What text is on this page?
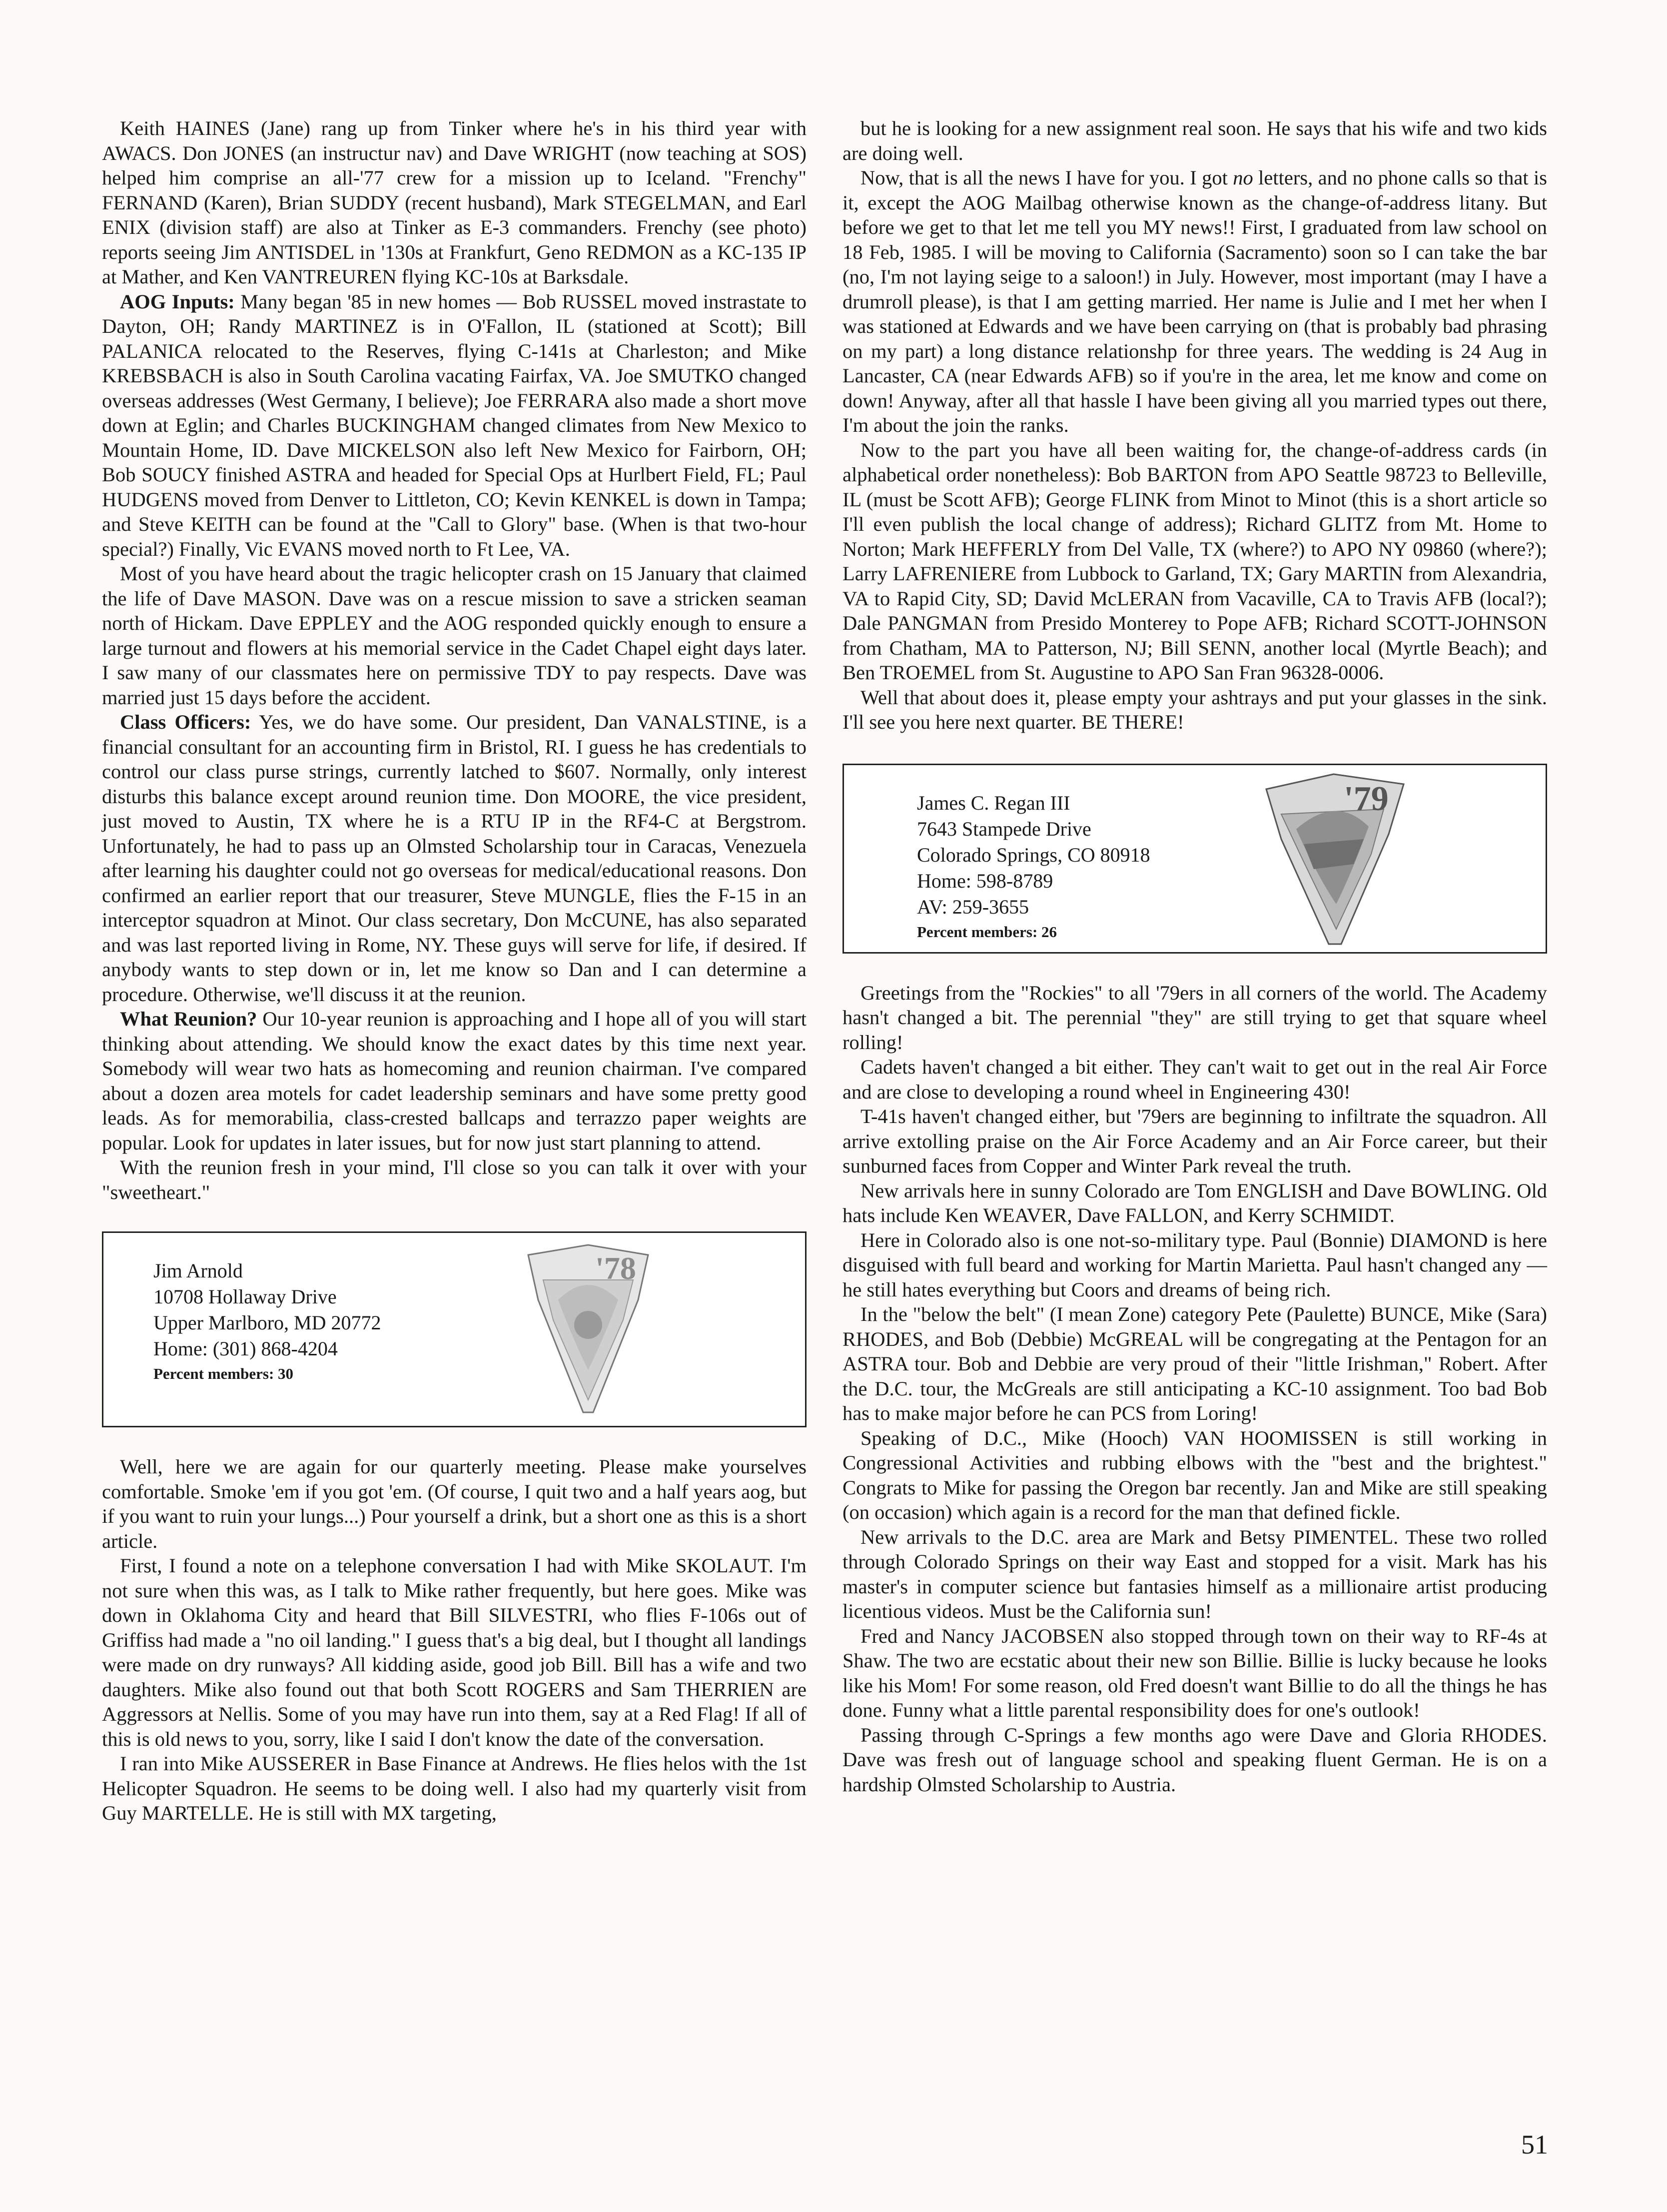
Keith HAINES (Jane) rang up from Tinker where he's in his third year with AWACS. Don JONES (an instructur nav) and Dave WRIGHT (now teaching at SOS) helped him comprise an all-'77 crew for a mission up to Iceland. "Frenchy" FERNAND (Karen), Brian SUDDY (recent husband), Mark STEGELMAN, and Earl ENIX (division staff) are also at Tinker as E-3 commanders. Frenchy (see photo) reports seeing Jim ANTISDEL in '130s at Frankfurt, Geno REDMON as a KC-135 IP at Mather, and Ken VANTREUREN flying KC-10s at Barksdale.

AOG Inputs: Many began '85 in new homes — Bob RUSSEL moved instrastate to Dayton, OH; Randy MARTINEZ is in O'Fallon, IL (stationed at Scott); Bill PALANICA relocated to the Reserves, flying C-141s at Charleston; and Mike KREBSBACH is also in South Carolina vacating Fairfax, VA. Joe SMUTKO changed overseas addresses (West Germany, I believe); Joe FERRARA also made a short move down at Eglin; and Charles BUCKINGHAM changed climates from New Mexico to Mountain Home, ID. Dave MICKELSON also left New Mexico for Fairborn, OH; Bob SOUCY finished ASTRA and headed for Special Ops at Hurlbert Field, FL; Paul HUDGENS moved from Denver to Littleton, CO; Kevin KENKEL is down in Tampa; and Steve KEITH can be found at the "Call to Glory" base. (When is that two-hour special?) Finally, Vic EVANS moved north to Ft Lee, VA.

Most of you have heard about the tragic helicopter crash on 15 January that claimed the life of Dave MASON. Dave was on a rescue mission to save a stricken seaman north of Hickam. Dave EPPLEY and the AOG responded quickly enough to ensure a large turnout and flowers at his memorial service in the Cadet Chapel eight days later. I saw many of our classmates here on permissive TDY to pay respects. Dave was married just 15 days before the accident.

Class Officers: Yes, we do have some. Our president, Dan VANALSTINE, is a financial consultant for an accounting firm in Bristol, RI. I guess he has credentials to control our class purse strings, currently latched to $607. Normally, only interest disturbs this balance except around reunion time. Don MOORE, the vice president, just moved to Austin, TX where he is a RTU IP in the RF4-C at Bergstrom. Unfortunately, he had to pass up an Olmsted Scholarship tour in Caracas, Venezuela after learning his daughter could not go overseas for medical/educational reasons. Don confirmed an earlier report that our treasurer, Steve MUNGLE, flies the F-15 in an interceptor squadron at Minot. Our class secretary, Don McCUNE, has also separated and was last reported living in Rome, NY. These guys will serve for life, if desired. If anybody wants to step down or in, let me know so Dan and I can determine a procedure. Otherwise, we'll discuss it at the reunion.

What Reunion? Our 10-year reunion is approaching and I hope all of you will start thinking about attending. We should know the exact dates by this time next year. Somebody will wear two hats as homecoming and reunion chairman. I've compared about a dozen area motels for cadet leadership seminars and have some pretty good leads. As for memorabilia, class-crested ballcaps and terrazzo paper weights are popular. Look for updates in later issues, but for now just start planning to attend.

With the reunion fresh in your mind, I'll close so you can talk it over with your "sweetheart."

Jim Arnold
10708 Hollaway Drive
Upper Marlboro, MD 20772
Home: (301) 868-4204
Percent members: 30
'78

Well, here we are again for our quarterly meeting. Please make yourselves comfortable. Smoke 'em if you got 'em. (Of course, I quit two and a half years aog, but if you want to ruin your lungs...) Pour yourself a drink, but a short one as this is a short article.

First, I found a note on a telephone conversation I had with Mike SKOLAUT. I'm not sure when this was, as I talk to Mike rather frequently, but here goes. Mike was down in Oklahoma City and heard that Bill SILVESTRI, who flies F-106s out of Griffiss had made a "no oil landing." I guess that's a big deal, but I thought all landings were made on dry runways? All kidding aside, good job Bill. Bill has a wife and two daughters. Mike also found out that both Scott ROGERS and Sam THERRIEN are Aggressors at Nellis. Some of you may have run into them, say at a Red Flag! If all of this is old news to you, sorry, like I said I don't know the date of the conversation.

I ran into Mike AUSSERER in Base Finance at Andrews. He flies helos with the 1st Helicopter Squadron. He seems to be doing well. I also had my quarterly visit from Guy MARTELLE. He is still with MX targeting,

but he is looking for a new assignment real soon. He says that his wife and two kids are doing well.

Now, that is all the news I have for you. I got no letters, and no phone calls so that is it, except the AOG Mailbag otherwise known as the change-of-address litany. But before we get to that let me tell you MY news!! First, I graduated from law school on 18 Feb, 1985. I will be moving to California (Sacramento) soon so I can take the bar (no, I'm not laying seige to a saloon!) in July. However, most important (may I have a drumroll please), is that I am getting married. Her name is Julie and I met her when I was stationed at Edwards and we have been carrying on (that is probably bad phrasing on my part) a long distance relationshp for three years. The wedding is 24 Aug in Lancaster, CA (near Edwards AFB) so if you're in the area, let me know and come on down! Anyway, after all that hassle I have been giving all you married types out there, I'm about the join the ranks.

Now to the part you have all been waiting for, the change-of-address cards (in alphabetical order nonetheless): Bob BARTON from APO Seattle 98723 to Belleville, IL (must be Scott AFB); George FLINK from Minot to Minot (this is a short article so I'll even publish the local change of address); Richard GLITZ from Mt. Home to Norton; Mark HEFFERLY from Del Valle, TX (where?) to APO NY 09860 (where?); Larry LAFRENIERE from Lubbock to Garland, TX; Gary MARTIN from Alexandria, VA to Rapid City, SD; David McLERAN from Vacaville, CA to Travis AFB (local?); Dale PANGMAN from Presido Monterey to Pope AFB; Richard SCOTT-JOHNSON from Chatham, MA to Patterson, NJ; Bill SENN, another local (Myrtle Beach); and Ben TROEMEL from St. Augustine to APO San Fran 96328-0006.

Well that about does it, please empty your ashtrays and put your glasses in the sink. I'll see you here next quarter. BE THERE!

James C. Regan III
7643 Stampede Drive
Colorado Springs, CO 80918
Home: 598-8789
AV: 259-3655
Percent members: 26
'79

Greetings from the "Rockies" to all '79ers in all corners of the world. The Academy hasn't changed a bit. The perennial "they" are still trying to get that square wheel rolling!

Cadets haven't changed a bit either. They can't wait to get out in the real Air Force and are close to developing a round wheel in Engineering 430!

T-41s haven't changed either, but '79ers are beginning to infiltrate the squadron. All arrive extolling praise on the Air Force Academy and an Air Force career, but their sunburned faces from Copper and Winter Park reveal the truth.

New arrivals here in sunny Colorado are Tom ENGLISH and Dave BOWLING. Old hats include Ken WEAVER, Dave FALLON, and Kerry SCHMIDT.

Here in Colorado also is one not-so-military type. Paul (Bonnie) DIAMOND is here disguised with full beard and working for Martin Marietta. Paul hasn't changed any — he still hates everything but Coors and dreams of being rich.

In the "below the belt" (I mean Zone) category Pete (Paulette) BUNCE, Mike (Sara) RHODES, and Bob (Debbie) McGREAL will be congregating at the Pentagon for an ASTRA tour. Bob and Debbie are very proud of their "little Irishman," Robert. After the D.C. tour, the McGreals are still anticipating a KC-10 assignment. Too bad Bob has to make major before he can PCS from Loring!

Speaking of D.C., Mike (Hooch) VAN HOOMISSEN is still working in Congressional Activities and rubbing elbows with the "best and the brightest." Congrats to Mike for passing the Oregon bar recently. Jan and Mike are still speaking (on occasion) which again is a record for the man that defined fickle.

New arrivals to the D.C. area are Mark and Betsy PIMENTEL. These two rolled through Colorado Springs on their way East and stopped for a visit. Mark has his master's in computer science but fantasies himself as a millionaire artist producing licentious videos. Must be the California sun!

Fred and Nancy JACOBSEN also stopped through town on their way to RF-4s at Shaw. The two are ecstatic about their new son Billie. Billie is lucky because he looks like his Mom! For some reason, old Fred doesn't want Billie to do all the things he has done. Funny what a little parental responsibility does for one's outlook!

Passing through C-Springs a few months ago were Dave and Gloria RHODES. Dave was fresh out of language school and speaking fluent German. He is on a hardship Olmsted Scholarship to Austria.

51
